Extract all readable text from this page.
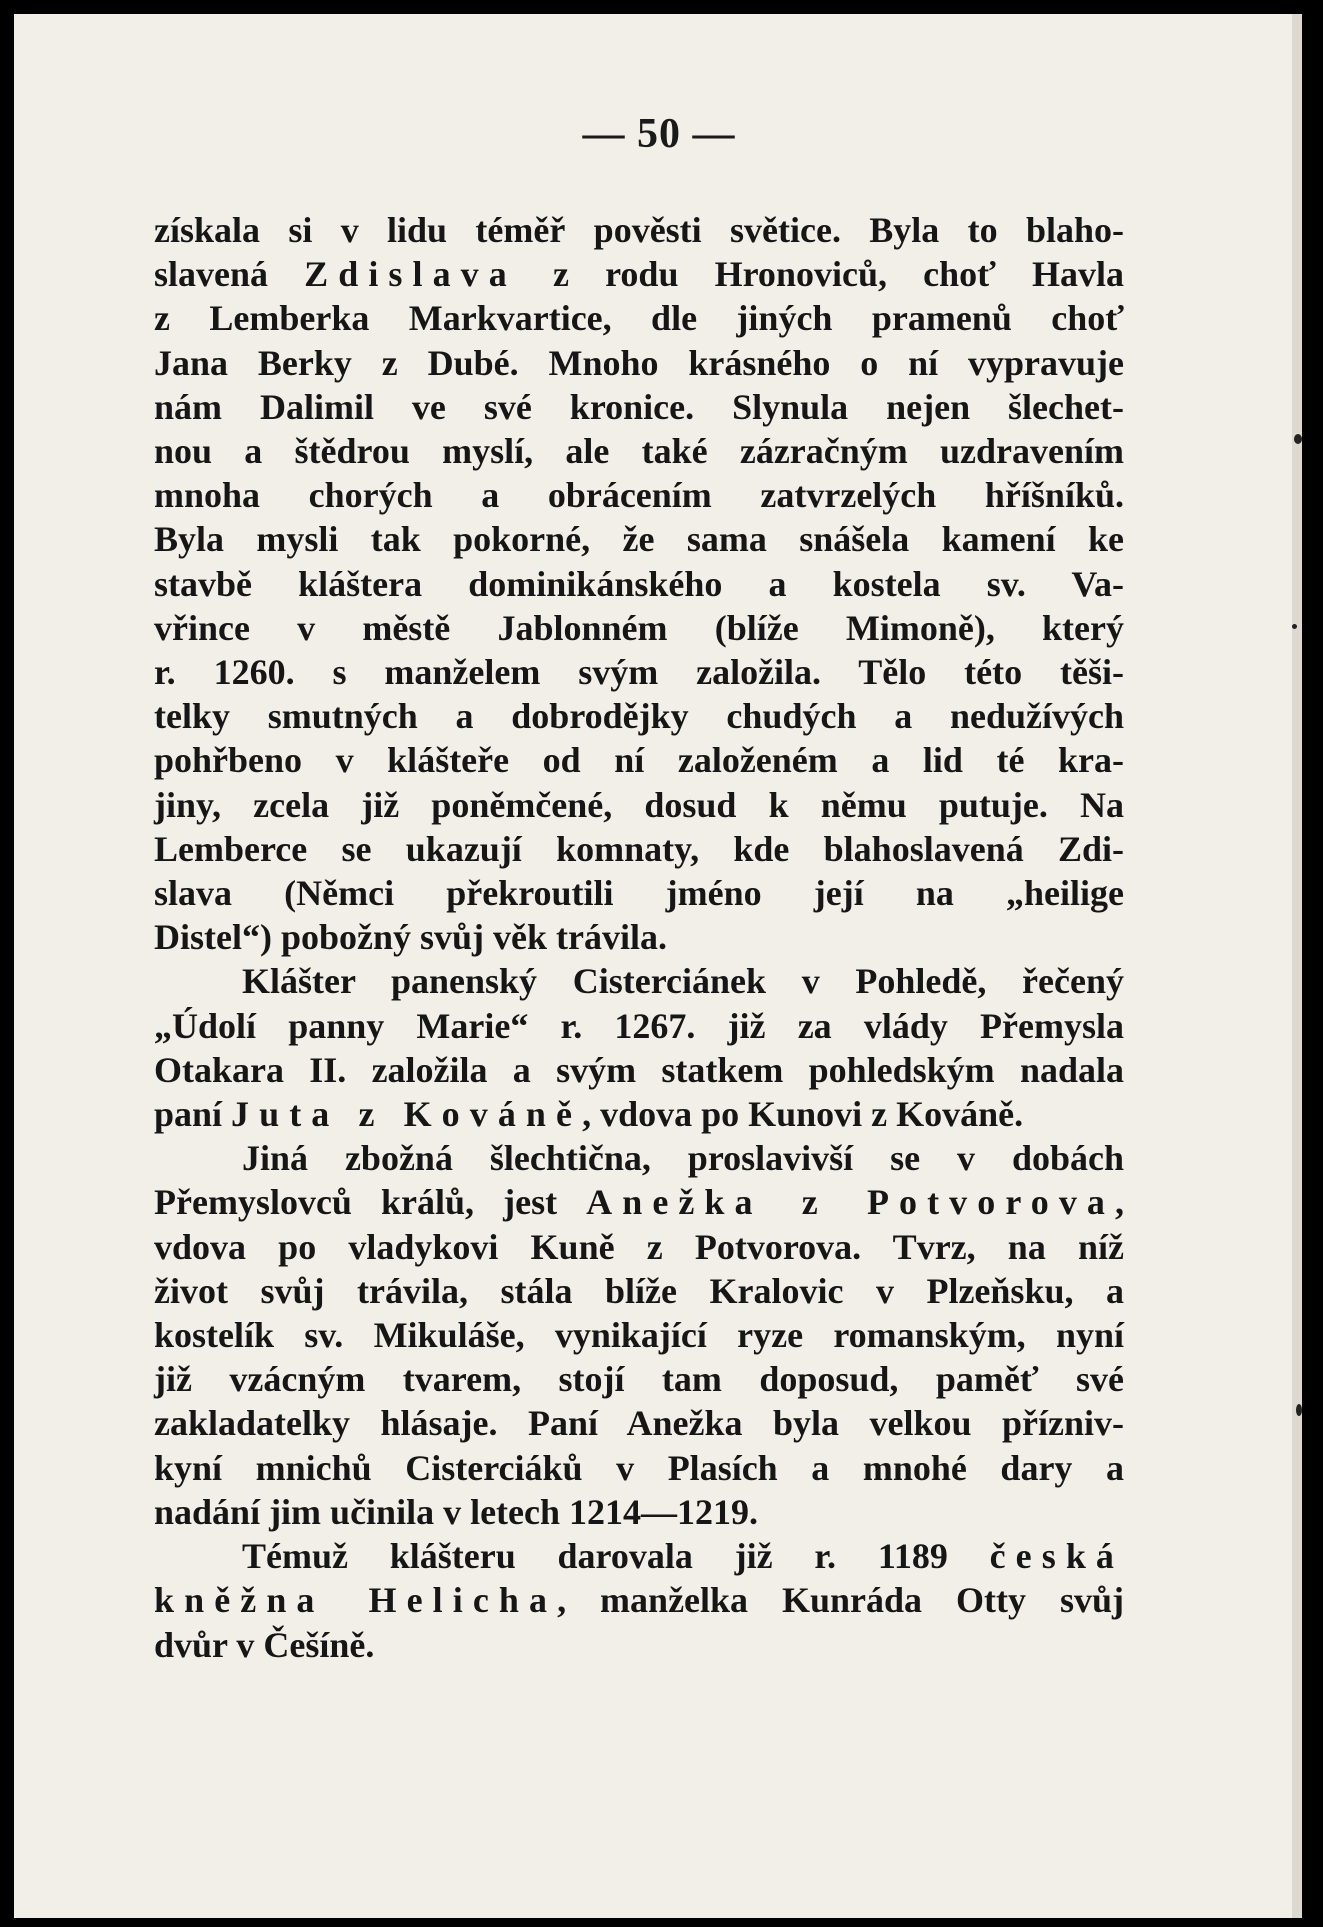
— 50 —
získala si v lidu téměř pověsti světice. Byla to blaho-
slavená Zdislava z rodu Hronoviců, choť Havla
z Lemberka Markvartice, dle jiných pramenů choť
Jana Berky z Dubé. Mnoho krásného o ní vypravuje
nám Dalimil ve své kronice. Slynula nejen šlechet-
nou a štědrou myslí, ale také zázračným uzdravením
mnoha chorých a obrácením zatvrzelých hříšníků.
Byla mysli tak pokorné, že sama snášela kamení ke
stavbě kláštera dominikánského a kostela sv. Va-
vřince v městě Jablonném (blíže Mimoně), který
r. 1260. s manželem svým založila. Tělo této těši-
telky smutných a dobrodějky chudých a nedužívých
pohřbeno v klášteře od ní založeném a lid té kra-
jiny, zcela již poněmčené, dosud k němu putuje. Na
Lemberce se ukazují komnaty, kde blahoslavená Zdi-
slava (Němci překroutili jméno její na „heilige
Distel“) pobožný svůj věk trávila.
Klášter panenský Cisterciánek v Pohledě, řečený
„Údolí panny Marie“ r. 1267. již za vlády Přemysla
Otakara II. založila a svým statkem pohledským nadala
paní Juta z Kováně, vdova po Kunovi z Kováně.
Jiná zbožná šlechtična, proslavivší se v dobách
Přemyslovců králů, jest Anežka z Potvorova,
vdova po vladykovi Kuně z Potvorova. Tvrz, na níž
život svůj trávila, stála blíže Kralovic v Plzeňsku, a
kostelík sv. Mikuláše, vynikající ryze romanským, nyní
již vzácným tvarem, stojí tam doposud, paměť své
zakladatelky hlásaje. Paní Anežka byla velkou přízniv-
kyní mnichů Cisterciáků v Plasích a mnohé dary a
nadání jim učinila v letech 1214—1219.
Témuž klášteru darovala již r. 1189 česká
kněžna Helicha, manželka Kunráda Otty svůj
dvůr v Češíně.
